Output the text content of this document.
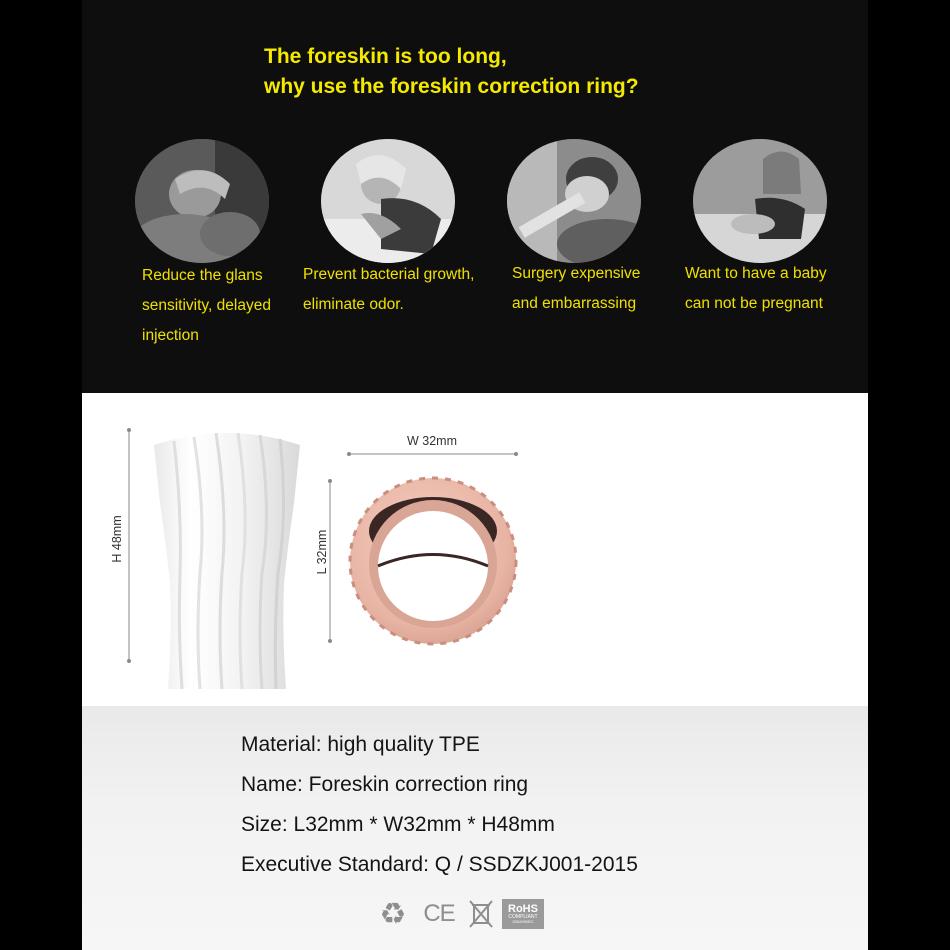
The foreskin is too long,
why use the foreskin correction ring?
Reduce the glans
sensitivity, delayed
injection
Prevent bacterial growth,
eliminate odor.
Surgery expensive
and embarrassing
Want to have a baby
can not be pregnant
W 32mm
L 32mm
H 48mm
Material: high quality TPE
Name: Foreskin correction ring
Size: L32mm * W32mm * H48mm
Executive Standard: Q / SSDZKJ001-2015
♻ CE	RoHS
COMPLIANT
2002/95/EC
